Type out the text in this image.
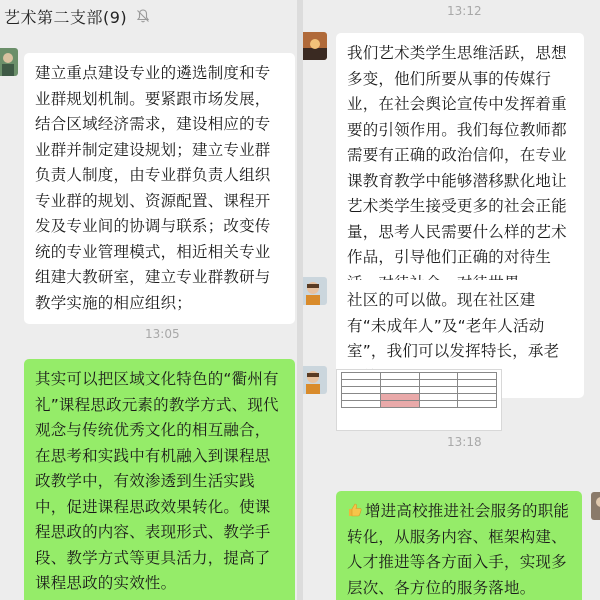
艺术第二支部(9)
建立重点建设专业的遴选制度和专业群规划机制。要紧跟市场发展，结合区域经济需求，建设相应的专业群并制定建设规划；建立专业群负责人制度，由专业群负责人组织专业群的规划、资源配置、课程开发及专业间的协调与联系；改变传统的专业管理模式，相近相关专业组建大教研室，建立专业群教研与教学实施的相应组织；
13:05
其实可以把区域文化特色的“衢州有礼”课程思政元素的教学方式、现代观念与传统优秀文化的相互融合，在思考和实践中有机融入到课程思政教学中，有效渗透到生活实践中，促进课程思政效果转化。使课程思政的内容、表现形式、教学手段、教学方式等更具活力，提高了课程思政的实效性。
13:12
我们艺术类学生思维活跃，思想多变，他们所要从事的传媒行业，在社会舆论宣传中发挥着重要的引领作用。我们每位教师都需要有正确的政治信仰，在专业课教育教学中能够潜移默化地让艺术类学生接受更多的社会正能量，思考人民需要什么样的艺术作品，引导他们正确的对待生
社区的可以做。现在社区建有“未成年人”及“老年人活动室”，我们可以发挥特长，承老

13:18
增进高校推进社会服务的职能转化，从服务内容、框架构建、人才推进等各方面入手，实现多层次、各方位的服务落地。
